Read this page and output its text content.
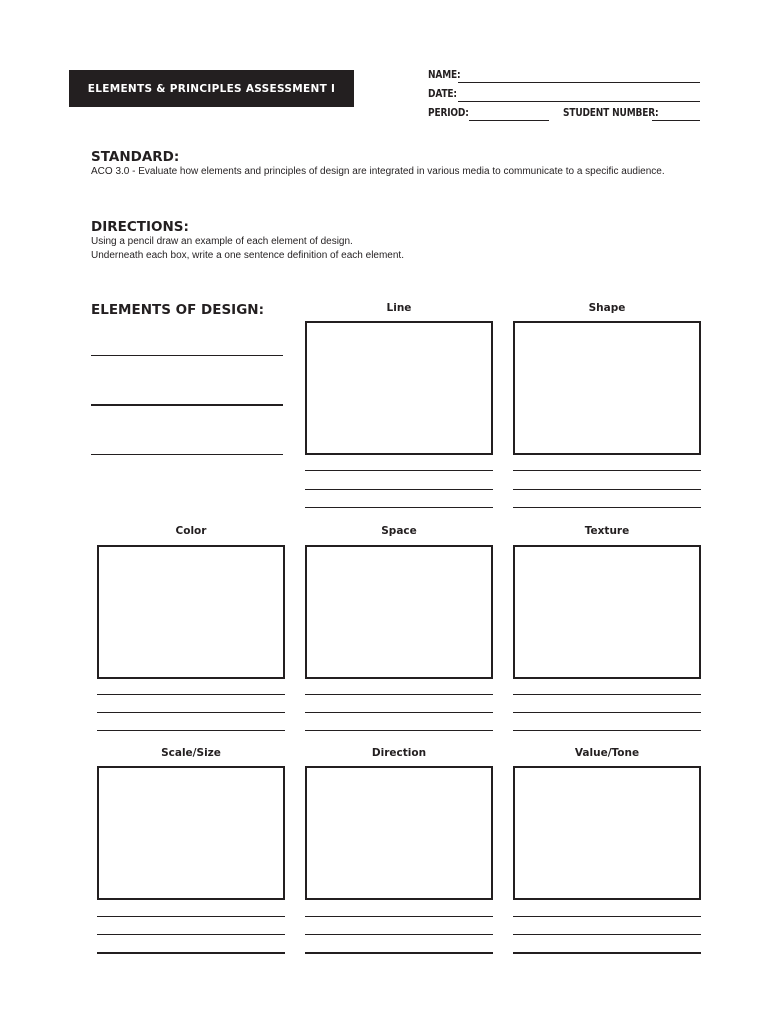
ELEMENTS & PRINCIPLES ASSESSMENT I
NAME:
DATE:
PERIOD:	STUDENT NUMBER:
STANDARD:
ACO 3.0 - Evaluate how elements and principles of design are integrated in various media to communicate to a specific audience.
DIRECTIONS:
Using a pencil draw an example of each element of design.
Underneath each box, write a one sentence definition of each element.
ELEMENTS OF DESIGN:	Line	Shape
Color	Space	Texture
Scale/Size	Direction	Value/Tone
